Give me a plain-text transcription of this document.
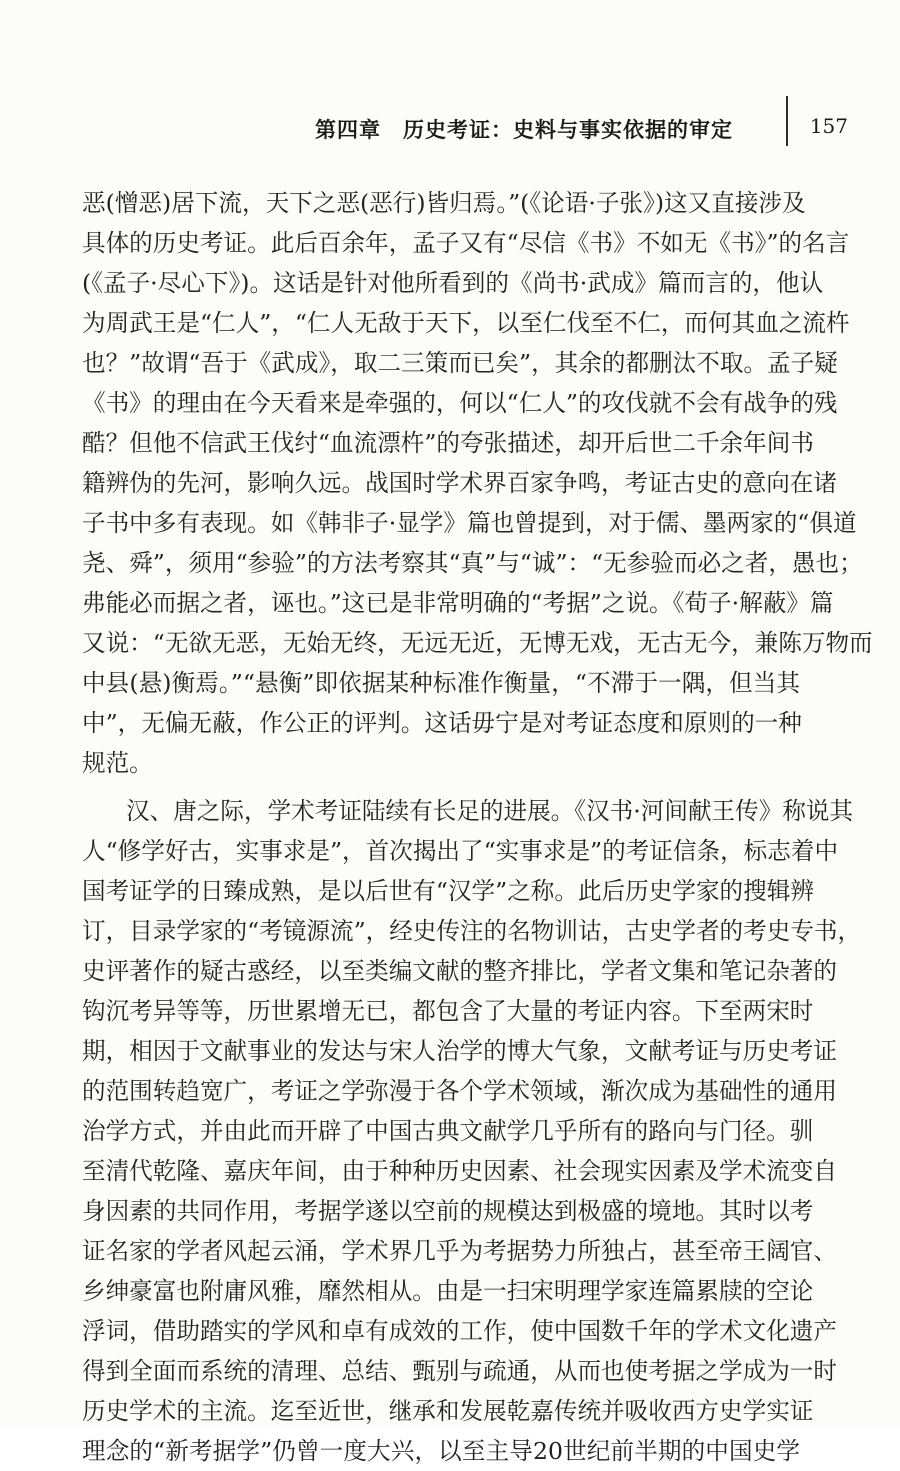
第四章　历史考证：史料与事实依据的审定	157
恶(憎恶)居下流，天下之恶(恶行)皆归焉。”(《论语·子张》)这又直接涉及
具体的历史考证。此后百余年，孟子又有“尽信《书》不如无《书》”的名言
(《孟子·尽心下》)。这话是针对他所看到的《尚书·武成》篇而言的，他认
为周武王是“仁人”，“仁人无敌于天下，以至仁伐至不仁，而何其血之流杵
也？”故谓“吾于《武成》，取二三策而已矣”，其余的都删汰不取。孟子疑
《书》的理由在今天看来是牵强的，何以“仁人”的攻伐就不会有战争的残
酷？但他不信武王伐纣“血流漂杵”的夸张描述，却开后世二千余年间书
籍辨伪的先河，影响久远。战国时学术界百家争鸣，考证古史的意向在诸
子书中多有表现。如《韩非子·显学》篇也曾提到，对于儒、墨两家的“俱道
尧、舜”，须用“参验”的方法考察其“真”与“诚”：“无参验而必之者，愚也；
弗能必而据之者，诬也。”这已是非常明确的“考据”之说。《荀子·解蔽》篇
又说：“无欲无恶，无始无终，无远无近，无博无戏，无古无今，兼陈万物而
中县(悬)衡焉。”“悬衡”即依据某种标准作衡量，“不滞于一隅，但当其
中”，无偏无蔽，作公正的评判。这话毋宁是对考证态度和原则的一种
规范。
汉、唐之际，学术考证陆续有长足的进展。《汉书·河间献王传》称说其
人“修学好古，实事求是”，首次揭出了“实事求是”的考证信条，标志着中
国考证学的日臻成熟，是以后世有“汉学”之称。此后历史学家的搜辑辨
订，目录学家的“考镜源流”，经史传注的名物训诂，古史学者的考史专书，
史评著作的疑古惑经，以至类编文献的整齐排比，学者文集和笔记杂著的
钩沉考异等等，历世累增无已，都包含了大量的考证内容。下至两宋时
期，相因于文献事业的发达与宋人治学的博大气象，文献考证与历史考证
的范围转趋宽广，考证之学弥漫于各个学术领域，渐次成为基础性的通用
治学方式，并由此而开辟了中国古典文献学几乎所有的路向与门径。驯
至清代乾隆、嘉庆年间，由于种种历史因素、社会现实因素及学术流变自
身因素的共同作用，考据学遂以空前的规模达到极盛的境地。其时以考
证名家的学者风起云涌，学术界几乎为考据势力所独占，甚至帝王阔官、
乡绅豪富也附庸风雅，靡然相从。由是一扫宋明理学家连篇累牍的空论
浮词，借助踏实的学风和卓有成效的工作，使中国数千年的学术文化遗产
得到全面而系统的清理、总结、甄别与疏通，从而也使考据之学成为一时
历史学术的主流。迄至近世，继承和发展乾嘉传统并吸收西方史学实证
理念的“新考据学”仍曾一度大兴，以至主导20世纪前半期的中国史学
